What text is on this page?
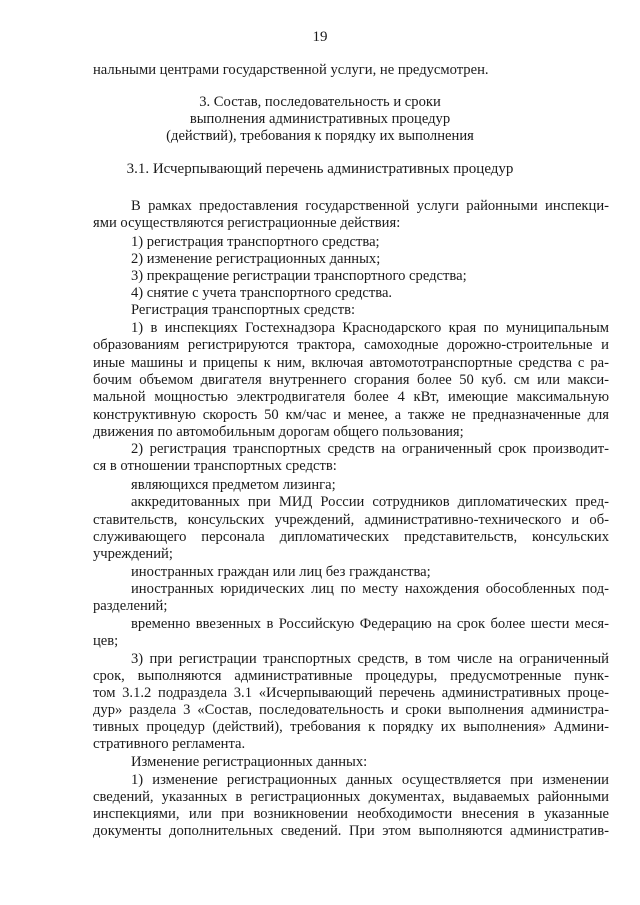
19
нальными центрами государственной услуги, не предусмотрен.
3. Состав, последовательность и сроки
выполнения административных процедур
(действий), требования к порядку их выполнения
3.1. Исчерпывающий перечень административных процедур
В рамках предоставления государственной услуги районными инспекци-
ями осуществляются регистрационные действия:
1) регистрация транспортного средства;
2) изменение регистрационных данных;
3) прекращение регистрации транспортного средства;
4) снятие с учета транспортного средства.
Регистрация транспортных средств:
1) в инспекциях Гостехнадзора Краснодарского края по муниципальным
образованиям регистрируются трактора, самоходные дорожно-строительные и
иные машины и прицепы к ним, включая автомототранспортные средства с ра-
бочим объемом двигателя внутреннего сгорания более 50 куб. см или макси-
мальной мощностью электродвигателя более 4 кВт, имеющие максимальную
конструктивную скорость 50 км/час и менее, а также не предназначенные для
движения по автомобильным дорогам общего пользования;
2) регистрация транспортных средств на ограниченный срок производит-
ся в отношении транспортных средств:
являющихся предметом лизинга;
аккредитованных при МИД России сотрудников дипломатических пред-
ставительств, консульских учреждений, административно-технического и об-
служивающего персонала дипломатических представительств, консульских
учреждений;
иностранных граждан или лиц без гражданства;
иностранных юридических лиц по месту нахождения обособленных под-
разделений;
временно ввезенных в Российскую Федерацию на срок более шести меся-
цев;
3) при регистрации транспортных средств, в том числе на ограниченный
срок, выполняются административные процедуры, предусмотренные пунк-
том 3.1.2 подраздела 3.1 «Исчерпывающий перечень административных проце-
дур» раздела 3 «Состав, последовательность и сроки выполнения администра-
тивных процедур (действий), требования к порядку их выполнения» Админи-
стративного регламента.
Изменение регистрационных данных:
1) изменение регистрационных данных осуществляется при изменении
сведений, указанных в регистрационных документах, выдаваемых районными
инспекциями, или при возникновении необходимости внесения в указанные
документы дополнительных сведений. При этом выполняются административ-
